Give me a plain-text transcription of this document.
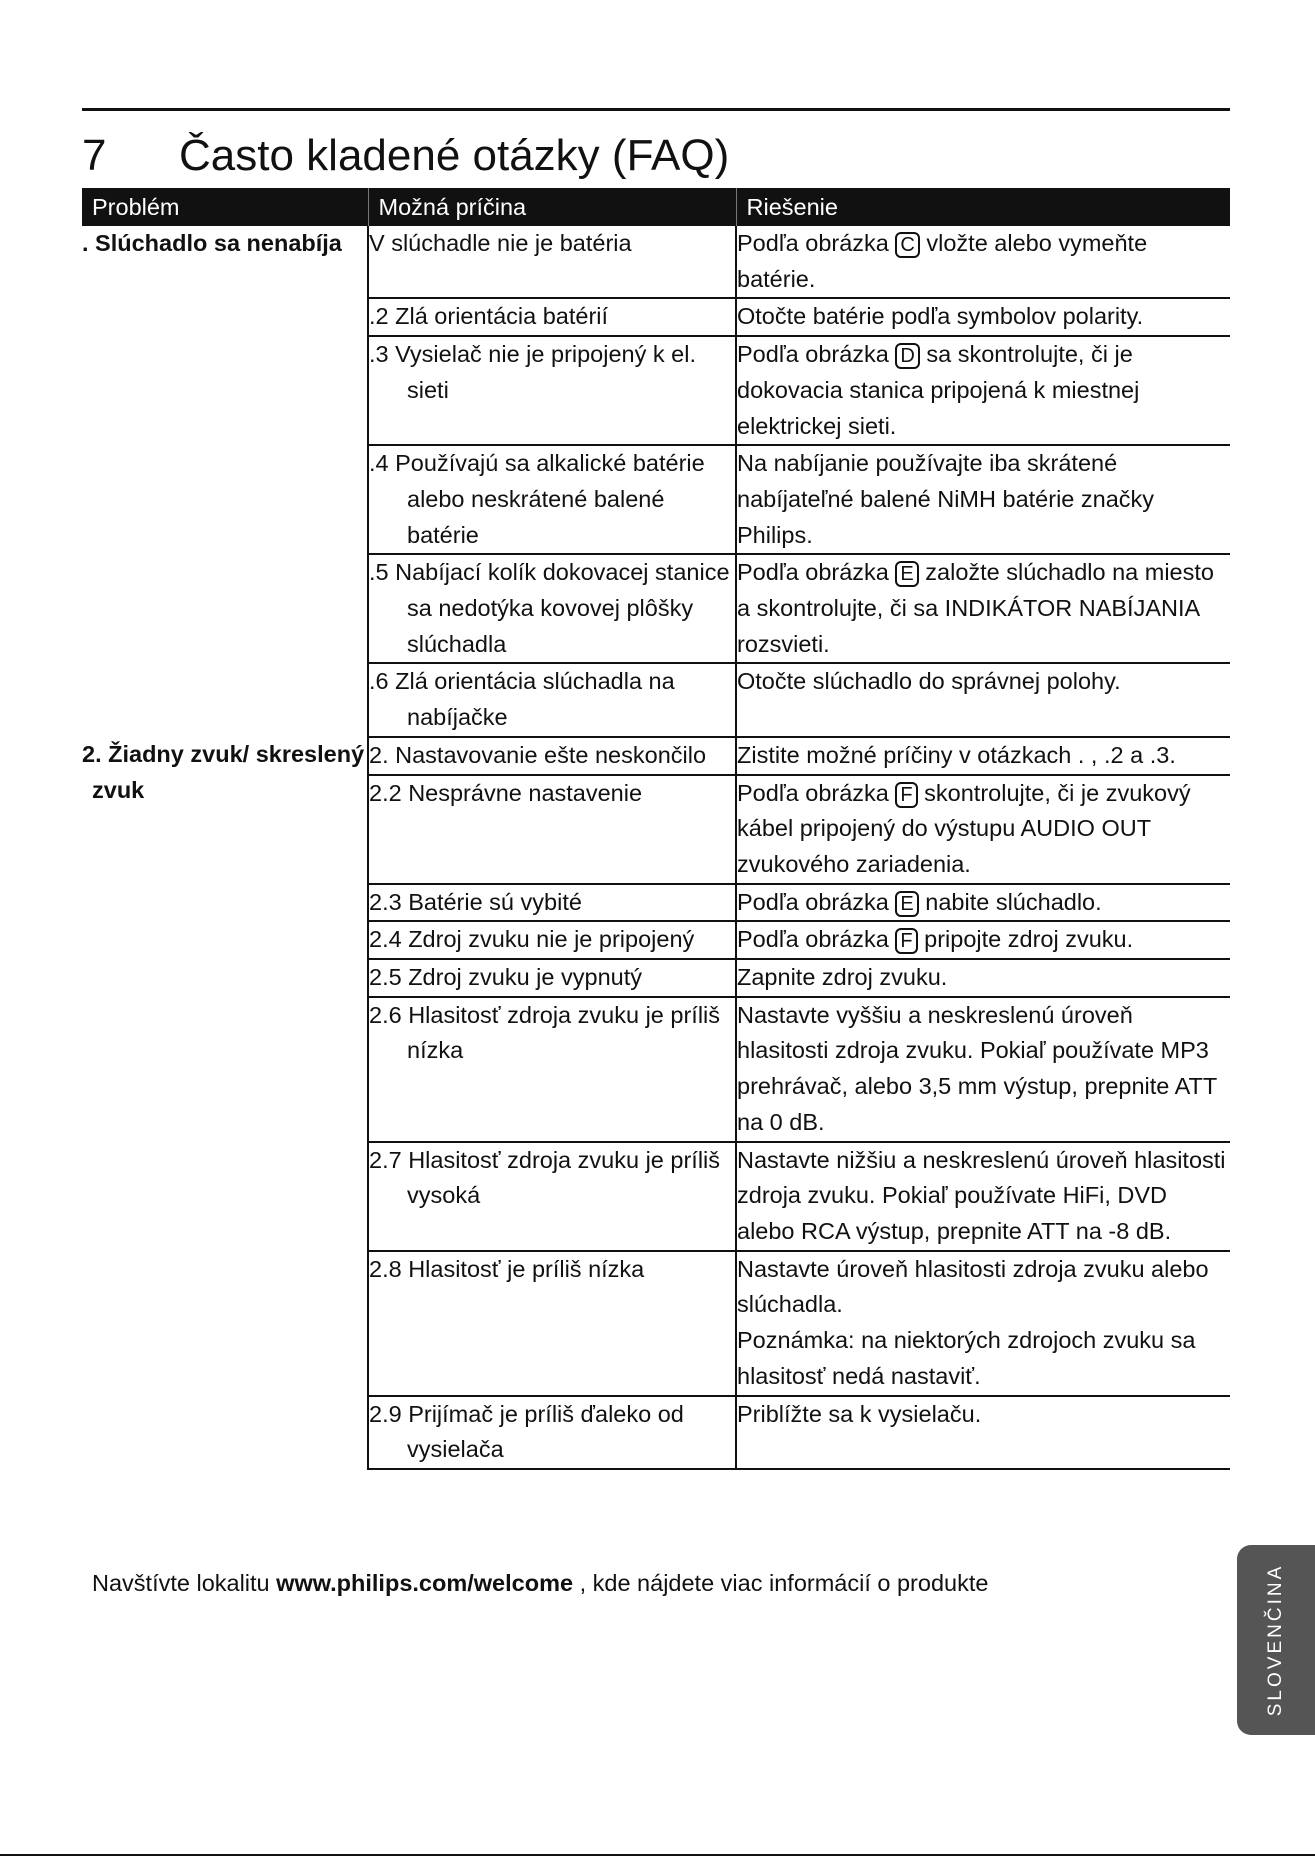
7 Často kladené otázky (FAQ)
Problém	Možná príčina	Riešenie

. Slúchadlo sa nenabíja	V slúchadle nie je batéria	Podľa obrázka C vložte alebo vymeňte batérie.

	.2 Zlá orientácia batérií	Otočte batérie podľa symbolov polarity.

	.3 Vysielač nie je pripojený k el. sieti	Podľa obrázka D sa skontrolujte, či je dokovacia stanica pripojená k miestnej elektrickej sieti.

	.4 Používajú sa alkalické batérie alebo neskrátené balené batérie	Na nabíjanie používajte iba skrátené nabíjateľné balené NiMH batérie značky Philips.

	.5 Nabíjací kolík dokovacej stanice sa nedotýka kovovej plôšky slúchadla	Podľa obrázka E založte slúchadlo na miesto a skontrolujte, či sa INDIKÁTOR NABÍJANIA rozsvieti.

	.6 Zlá orientácia slúchadla na nabíjačke	Otočte slúchadlo do správnej polohy.

2. Žiadny zvuk/ skreslený zvuk	2. Nastavovanie ešte neskončilo	Zistite možné príčiny v otázkach . , .2 a .3.

	2.2 Nesprávne nastavenie	Podľa obrázka F skontrolujte, či je zvukový kábel pripojený do výstupu AUDIO OUT zvukového zariadenia.

	2.3 Batérie sú vybité	Podľa obrázka E nabite slúchadlo.

	2.4 Zdroj zvuku nie je pripojený	Podľa obrázka F pripojte zdroj zvuku.

	2.5 Zdroj zvuku je vypnutý	Zapnite zdroj zvuku.

	2.6 Hlasitosť zdroja zvuku je príliš nízka	Nastavte vyššiu a neskreslenú úroveň hlasitosti zdroja zvuku. Pokiaľ používate MP3 prehrávač, alebo 3,5 mm výstup, prepnite ATT na 0 dB.

	2.7 Hlasitosť zdroja zvuku je príliš vysoká	Nastavte nižšiu a neskreslenú úroveň hlasitosti zdroja zvuku. Pokiaľ používate HiFi, DVD alebo RCA výstup, prepnite ATT na -8 dB.

	2.8 Hlasitosť je príliš nízka	Nastavte úroveň hlasitosti zdroja zvuku alebo slúchadla.
Poznámka: na niektorých zdrojoch zvuku sa hlasitosť nedá nastaviť.

	2.9 Prijímač je príliš ďaleko od vysielača	Priblížte sa k vysielaču.

Navštívte lokalitu www.philips.com/welcome , kde nájdete viac informácií o produkte	SLOVENČINA
